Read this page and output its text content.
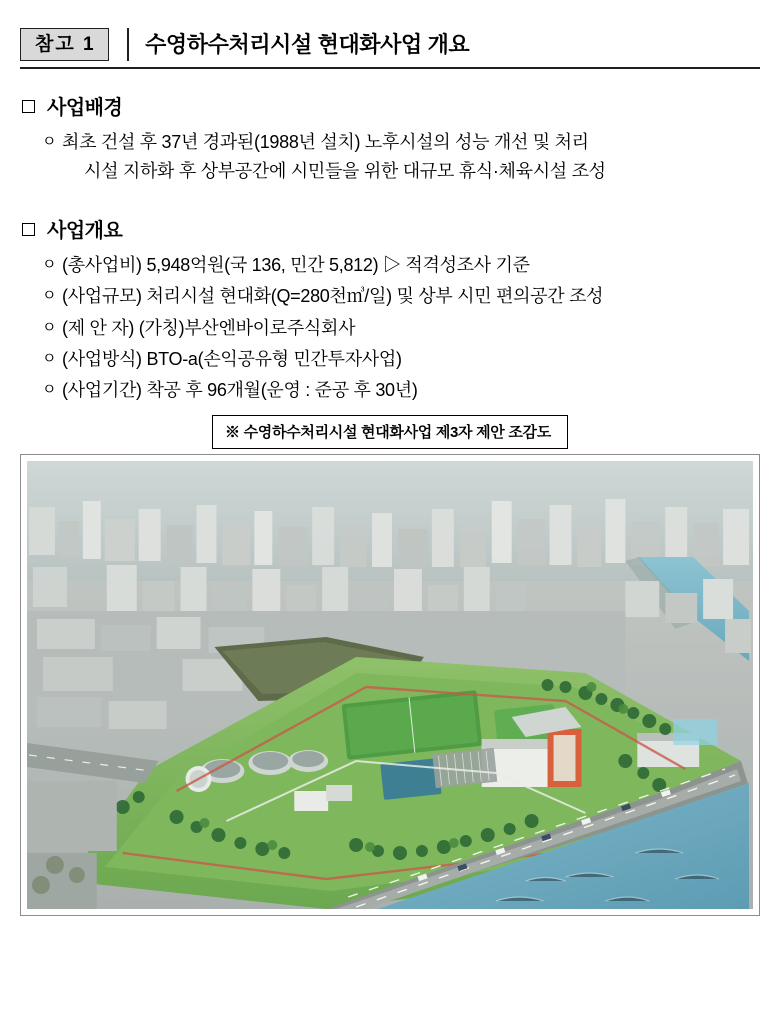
참고 1	수영하수처리시설 현대화사업 개요
사업배경
ㅇ 최초 건설 후 37년 경과된(1988년 설치) 노후시설의 성능 개선 및 처리
시설 지하화 후 상부공간에 시민들을 위한 대규모 휴식·체육시설 조성
사업개요
ㅇ (총사업비) 5,948억원(국 136, 민간 5,812) ▷ 적격성조사 기준
ㅇ (사업규모) 처리시설 현대화(Q=280천㎥/일) 및 상부 시민 편의공간 조성
ㅇ (제 안 자) (가칭)부산엔바이로주식회사
ㅇ (사업방식) BTO-a(손익공유형 민간투자사업)
ㅇ (사업기간) 착공 후 96개월(운영 : 준공 후 30년)
※ 수영하수처리시설 현대화사업 제3자 제안 조감도
